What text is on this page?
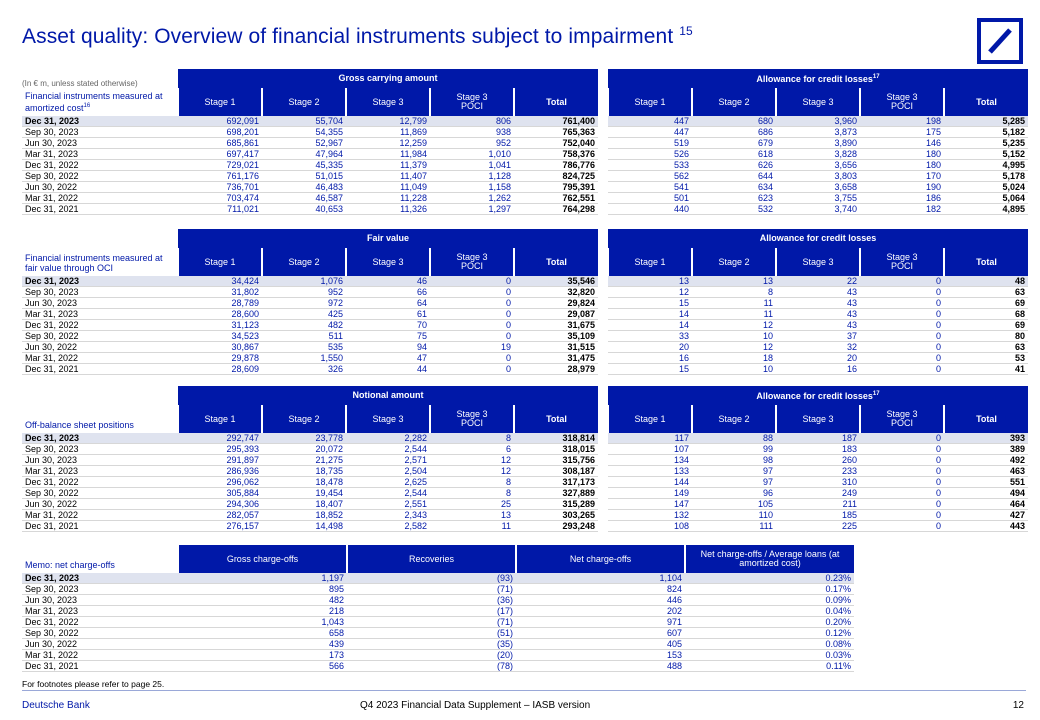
Asset quality: Overview of financial instruments subject to impairment $^{15}$
(In € m, unless stated otherwise)
Financial instruments measured at amortized cost$^{16}$	Gross carrying amount						Allowance for credit losses$^{17}$
	Stage 1	Stage 2	Stage 3	Stage 3
POCI	Total		Stage 1	Stage 2	Stage 3	Stage 3
POCI	Total
Dec 31, 2023	692,091	55,704	12,799	806	761,400		447	680	3,960	198	5,285
Sep 30, 2023	698,201	54,355	11,869	938	765,363		447	686	3,873	175	5,182
Jun 30, 2023	685,861	52,967	12,259	952	752,040		519	679	3,890	146	5,235
Mar 31, 2023	697,417	47,964	11,984	1,010	758,376		526	618	3,828	180	5,152
Dec 31, 2022	729,021	45,335	11,379	1,041	786,776		533	626	3,656	180	4,995
Sep 30, 2022	761,176	51,015	11,407	1,128	824,725		562	644	3,803	170	5,178
Jun 30, 2022	736,701	46,483	11,049	1,158	795,391		541	634	3,658	190	5,024
Mar 31, 2022	703,474	46,587	11,228	1,262	762,551		501	623	3,755	186	5,064
Dec 31, 2021	711,021	40,653	11,326	1,297	764,298		440	532	3,740	182	4,895
Financial instruments measured at fair value through OCI	Fair value						Allowance for credit losses				
	Stage 1	Stage 2	Stage 3	Stage 3
POCI	Total		Stage 1	Stage 2	Stage 3	Stage 3
POCI	Total
Dec 31, 2023	34,424	1,076	46	0	35,546		13	13	22	0	48
Sep 30, 2023	31,802	952	66	0	32,820		12	8	43	0	63
Jun 30, 2023	28,789	972	64	0	29,824		15	11	43	0	69
Mar 31, 2023	28,600	425	61	0	29,087		14	11	43	0	68
Dec 31, 2022	31,123	482	70	0	31,675		14	12	43	0	69
Sep 30, 2022	34,523	511	75	0	35,109		33	10	37	0	80
Jun 30, 2022	30,867	535	94	19	31,515		20	12	32	0	63
Mar 31, 2022	29,878	1,550	47	0	31,475		16	18	20	0	53
Dec 31, 2021	28,609	326	44	0	28,979		15	10	16	0	41
Off-balance sheet positions	Notional amount						Allowance for credit losses$^{17}$
	Stage 1	Stage 2	Stage 3	Stage 3
POCI	Total		Stage 1	Stage 2	Stage 3	Stage 3
POCI	Total
Dec 31, 2023	292,747	23,778	2,282	8	318,814		117	88	187	0	393
Sep 30, 2023	295,393	20,072	2,544	6	318,015		107	99	183	0	389
Jun 30, 2023	291,897	21,275	2,571	12	315,756		134	98	260	0	492
Mar 31, 2023	286,936	18,735	2,504	12	308,187		133	97	233	0	463
Dec 31, 2022	296,062	18,478	2,625	8	317,173		144	97	310	0	551
Sep 30, 2022	305,884	19,454	2,544	8	327,889		149	96	249	0	494
Jun 30, 2022	294,306	18,407	2,551	25	315,289		147	105	211	0	464
Mar 31, 2022	282,057	18,852	2,343	13	303,265		132	110	185	0	427
Dec 31, 2021	276,157	14,498	2,582	11	293,248		108	111	225	0	443
Memo: net charge-offs	Gross charge-offs	Recoveries	Net charge-offs	Net charge-offs / Average loans (at amortized cost)
Dec 31, 2023	1,197	(93)	1,104	0.23%
Sep 30, 2023	895	(71)	824	0.17%
Jun 30, 2023	482	(36)	446	0.09%
Mar 31, 2023	218	(17)	202	0.04%
Dec 31, 2022	1,043	(71)	971	0.20%
Sep 30, 2022	658	(51)	607	0.12%
Jun 30, 2022	439	(35)	405	0.08%
Mar 31, 2022	173	(20)	153	0.03%
Dec 31, 2021	566	(78)	488	0.11%
For footnotes please refer to page 25.
Deutsche Bank	Q4 2023 Financial Data Supplement – IASB version	12
